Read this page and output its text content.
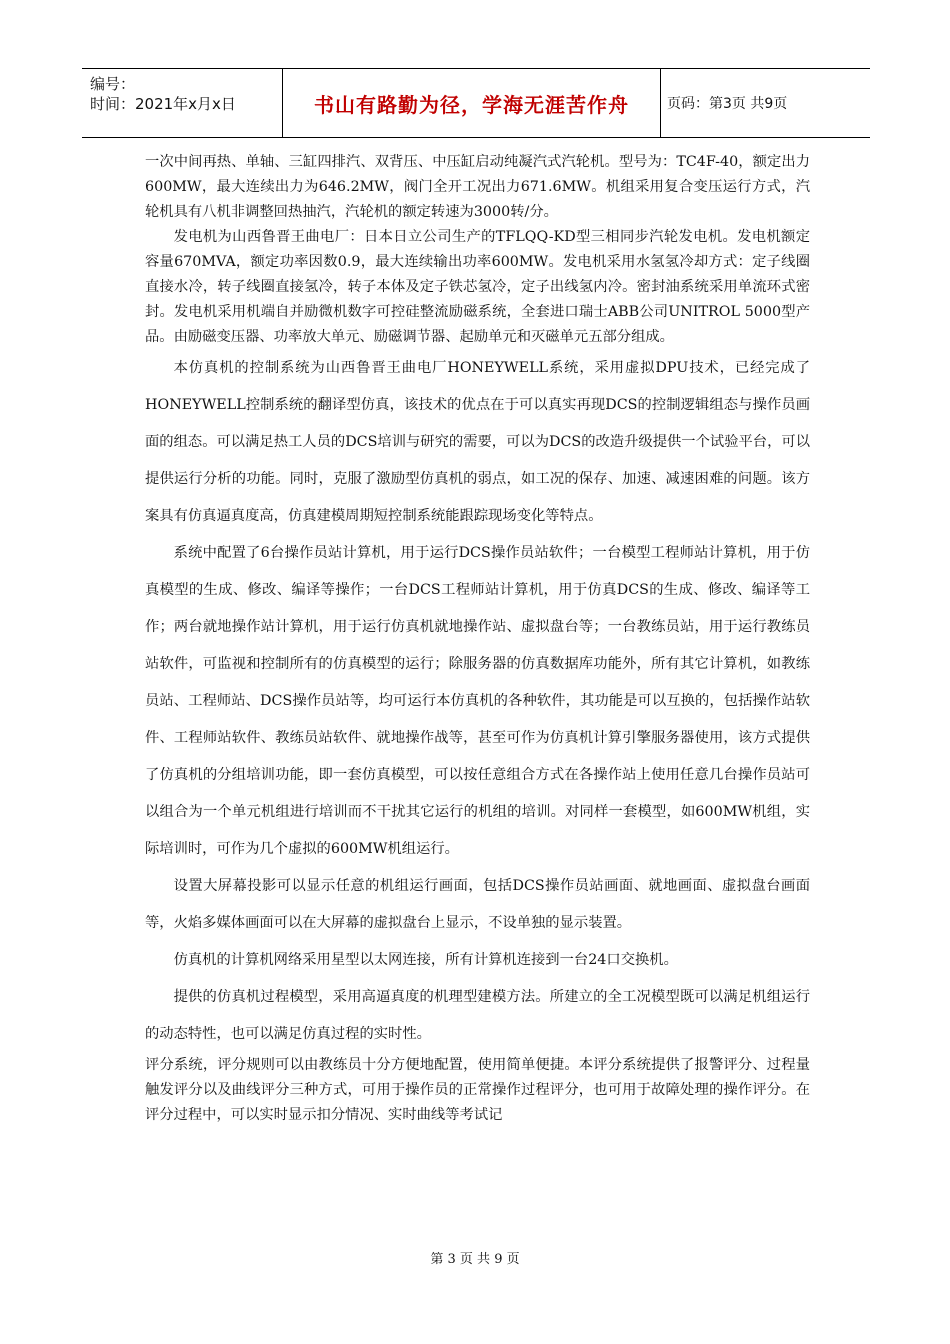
编号：
时间：2021年x月x日	书山有路勤为径，学海无涯苦作舟	页码：第3页 共9页

一次中间再热、单轴、三缸四排汽、双背压、中压缸启动纯凝汽式汽轮机。型号为：TC4F-40，额定出力600MW，最大连续出力为646.2MW，阀门全开工况出力671.6MW。机组采用复合变压运行方式，汽轮机具有八机非调整回热抽汽，汽轮机的额定转速为3000转/分。

发电机为山西鲁晋王曲电厂：日本日立公司生产的TFLQQ-KD型三相同步汽轮发电机。发电机额定容量670MVA，额定功率因数0.9，最大连续输出功率600MW。发电机采用水氢氢冷却方式：定子线圈直接水冷，转子线圈直接氢冷，转子本体及定子铁芯氢冷，定子出线氢内冷。密封油系统采用单流环式密封。发电机采用机端自并励微机数字可控硅整流励磁系统，全套进口瑞士ABB公司UNITROL 5000型产品。由励磁变压器、功率放大单元、励磁调节器、起励单元和灭磁单元五部分组成。

本仿真机的控制系统为山西鲁晋王曲电厂HONEYWELL系统，采用虚拟DPU技术，已经完成了HONEYWELL控制系统的翻译型仿真，该技术的优点在于可以真实再现DCS的控制逻辑组态与操作员画面的组态。可以满足热工人员的DCS培训与研究的需要，可以为DCS的改造升级提供一个试验平台，可以提供运行分析的功能。同时，克服了激励型仿真机的弱点，如工况的保存、加速、减速困难的问题。该方案具有仿真逼真度高，仿真建模周期短控制系统能跟踪现场变化等特点。

系统中配置了6台操作员站计算机，用于运行DCS操作员站软件；一台模型工程师站计算机，用于仿真模型的生成、修改、编译等操作；一台DCS工程师站计算机，用于仿真DCS的生成、修改、编译等工作；两台就地操作站计算机，用于运行仿真机就地操作站、虚拟盘台等；一台教练员站，用于运行教练员站软件，可监视和控制所有的仿真模型的运行；除服务器的仿真数据库功能外，所有其它计算机，如教练员站、工程师站、DCS操作员站等，均可运行本仿真机的各种软件，其功能是可以互换的，包括操作站软件、工程师站软件、教练员站软件、就地操作战等，甚至可作为仿真机计算引擎服务器使用，该方式提供了仿真机的分组培训功能，即一套仿真模型，可以按任意组合方式在各操作站上使用任意几台操作员站可以组合为一个单元机组进行培训而不干扰其它运行的机组的培训。对同样一套模型，如600MW机组，实际培训时，可作为几个虚拟的600MW机组运行。

设置大屏幕投影可以显示任意的机组运行画面，包括DCS操作员站画面、就地画面、虚拟盘台画面等，火焰多媒体画面可以在大屏幕的虚拟盘台上显示，不设单独的显示装置。

仿真机的计算机网络采用星型以太网连接，所有计算机连接到一台24口交换机。

提供的仿真机过程模型，采用高逼真度的机理型建模方法。所建立的全工况模型既可以满足机组运行的动态特性，也可以满足仿真过程的实时性。

评分系统，评分规则可以由教练员十分方便地配置，使用简单便捷。本评分系统提供了报警评分、过程量触发评分以及曲线评分三种方式，可用于操作员的正常操作过程评分，也可用于故障处理的操作评分。在评分过程中，可以实时显示扣分情况、实时曲线等考试记

第 3 页 共 9 页
